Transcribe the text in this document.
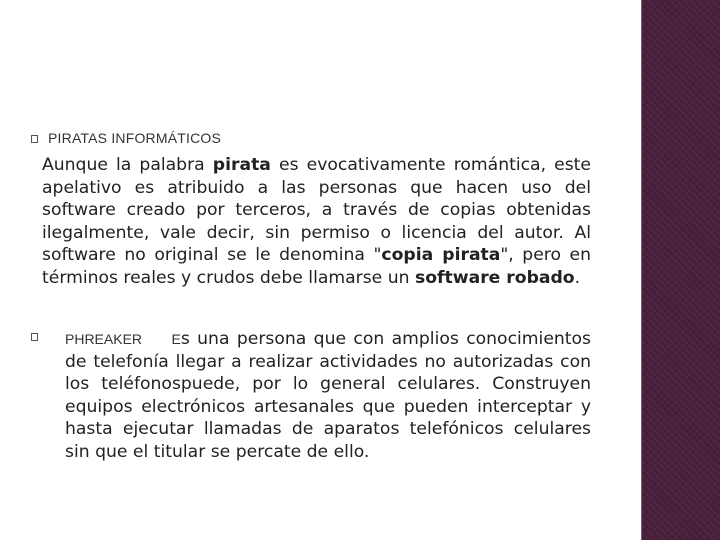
PIRATAS INFORMÁTICOS
Aunque la palabra pirata es evocativamente romántica, este apelativo es atribuido a las personas que hacen uso del software creado por terceros, a través de copias obtenidas ilegalmente, vale decir, sin permiso o licencia del autor. Al software no original se le denomina "copia pirata", pero en términos reales y crudos debe llamarse un software robado.
PHREAKER Es una persona que con amplios conocimientos de telefonía llegar a realizar actividades no autorizadas con los teléfonospuede, por lo general celulares. Construyen equipos electrónicos artesanales que pueden interceptar y hasta ejecutar llamadas de aparatos telefónicos celulares sin que el titular se percate de ello.
